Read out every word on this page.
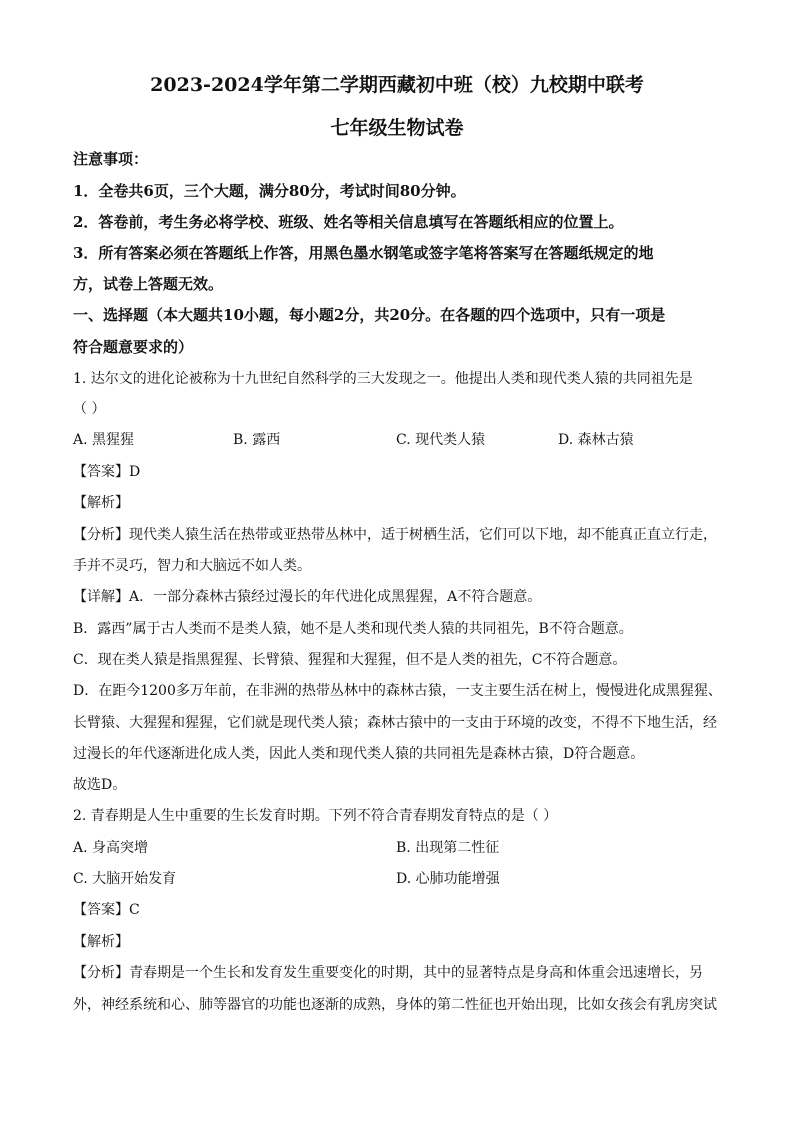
2023-2024学年第二学期西藏初中班（校）九校期中联考
七年级生物试卷
注意事项：
1．全卷共6页，三个大题，满分80分，考试时间80分钟。
2．答卷前，考生务必将学校、班级、姓名等相关信息填写在答题纸相应的位置上。
3．所有答案必须在答题纸上作答，用黑色墨水钢笔或签字笔将答案写在答题纸规定的地
方，试卷上答题无效。
一、选择题（本大题共10小题，每小题2分，共20分。在各题的四个选项中，只有一项是
符合题意要求的）
1. 达尔文的进化论被称为十九世纪自然科学的三大发现之一。他提出人类和现代类人猿的共同祖先是
（ ）
A. 黑猩猩	B. 露西	C. 现代类人猿	D. 森林古猿
【答案】D
【解析】
【分析】现代类人猿生活在热带或亚热带丛林中，适于树栖生活，它们可以下地，却不能真正直立行走，
手并不灵巧，智力和大脑远不如人类。
【详解】A．一部分森林古猿经过漫长的年代进化成黑猩猩，A不符合题意。
B．露西”属于古人类而不是类人猿，她不是人类和现代类人猿的共同祖先，B不符合题意。
C．现在类人猿是指黑猩猩、长臂猿、猩猩和大猩猩，但不是人类的祖先，C不符合题意。
D．在距今1200多万年前，在非洲的热带丛林中的森林古猿，一支主要生活在树上，慢慢进化成黑猩猩、
长臂猿、大猩猩和猩猩，它们就是现代类人猿；森林古猿中的一支由于环境的改变，不得不下地生活，经
过漫长的年代逐渐进化成人类，因此人类和现代类人猿的共同祖先是森林古猿，D符合题意。
故选D。
2. 青春期是人生中重要的生长发育时期。下列不符合青春期发育特点的是（ ）
A. 身高突增	B. 出现第二性征
C. 大脑开始发育	D. 心肺功能增强
【答案】C
【解析】
【分析】青春期是一个生长和发育发生重要变化的时期，其中的显著特点是身高和体重会迅速增长，另
外，神经系统和心、肺等器官的功能也逐渐的成熟，身体的第二性征也开始出现，比如女孩会有乳房突试
